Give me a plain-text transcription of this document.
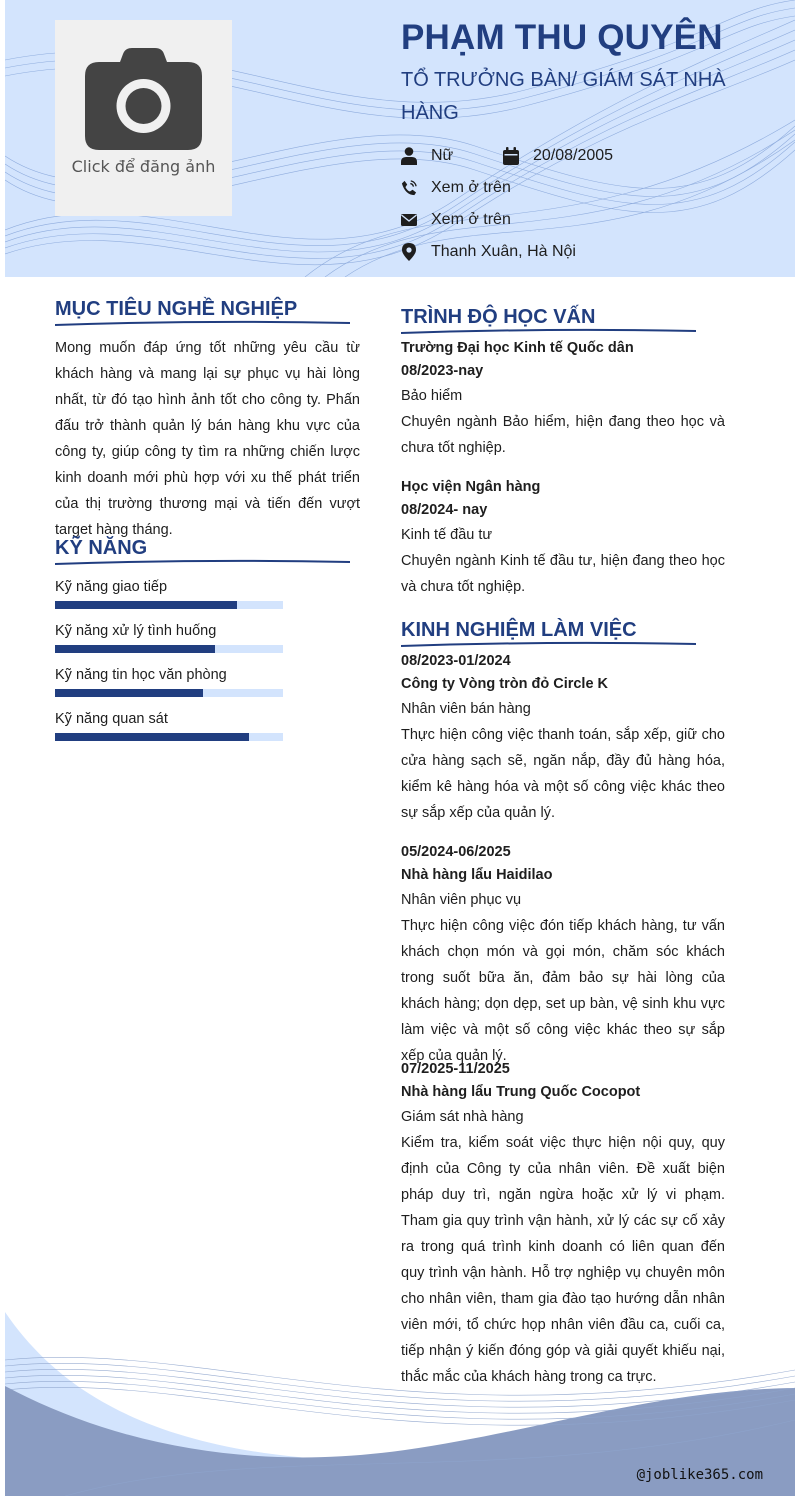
Click để đăng ảnh
PHẠM THU QUYÊN
TỔ TRƯỞNG BÀN/ GIÁM SÁT NHÀ HÀNG
Nữ	20/08/2005
Xem ở trên
Xem ở trên
Thanh Xuân, Hà Nội
MỤC TIÊU NGHỀ NGHIỆP
Mong muốn đáp ứng tốt những yêu cầu từ khách hàng và mang lại sự phục vụ hài lòng nhất, từ đó tạo hình ảnh tốt cho công ty. Phấn đấu trở thành quản lý bán hàng khu vực của công ty, giúp công ty tìm ra những chiến lược kinh doanh mới phù hợp với xu thế phát triển của thị trường thương mại và tiến đến vượt target hàng tháng.
KỸ NĂNG
Kỹ năng giao tiếp
Kỹ năng xử lý tình huống
Kỹ năng tin học văn phòng
Kỹ năng quan sát
TRÌNH ĐỘ HỌC VẤN
Trường Đại học Kinh tế Quốc dân
08/2023-nay
Bảo hiểm
Chuyên ngành Bảo hiểm, hiện đang theo học và chưa tốt nghiệp.
Học viện Ngân hàng
08/2024- nay
Kinh tế đầu tư
Chuyên ngành Kinh tế đầu tư, hiện đang theo học và chưa tốt nghiệp.
KINH NGHIỆM LÀM VIỆC
08/2023-01/2024
Công ty Vòng tròn đỏ Circle K
Nhân viên bán hàng
Thực hiện công việc thanh toán, sắp xếp, giữ cho cửa hàng sạch sẽ, ngăn nắp, đầy đủ hàng hóa, kiểm kê hàng hóa và một số công việc khác theo sự sắp xếp của quản lý.
05/2024-06/2025
Nhà hàng lẩu Haidilao
Nhân viên phục vụ
Thực hiện công việc đón tiếp khách hàng, tư vấn khách chọn món và gọi món, chăm sóc khách trong suốt bữa ăn, đảm bảo sự hài lòng của khách hàng; dọn dẹp, set up bàn, vệ sinh khu vực làm việc và một số công việc khác theo sự sắp xếp của quản lý.
07/2025-11/2025
Nhà hàng lẩu Trung Quốc Cocopot
Giám sát nhà hàng
Kiểm tra, kiểm soát việc thực hiện nội quy, quy định của Công ty của nhân viên. Đề xuất biện pháp duy trì, ngăn ngừa hoặc xử lý vi phạm. Tham gia quy trình vận hành, xử lý các sự cố xảy ra trong quá trình kinh doanh có liên quan đến quy trình vận hành. Hỗ trợ nghiệp vụ chuyên môn cho nhân viên, tham gia đào tạo hướng dẫn nhân viên mới, tổ chức họp nhân viên đầu ca, cuối ca, tiếp nhận ý kiến đóng góp và giải quyết khiếu nại, thắc mắc của khách hàng trong ca trực.
@joblike365.com
